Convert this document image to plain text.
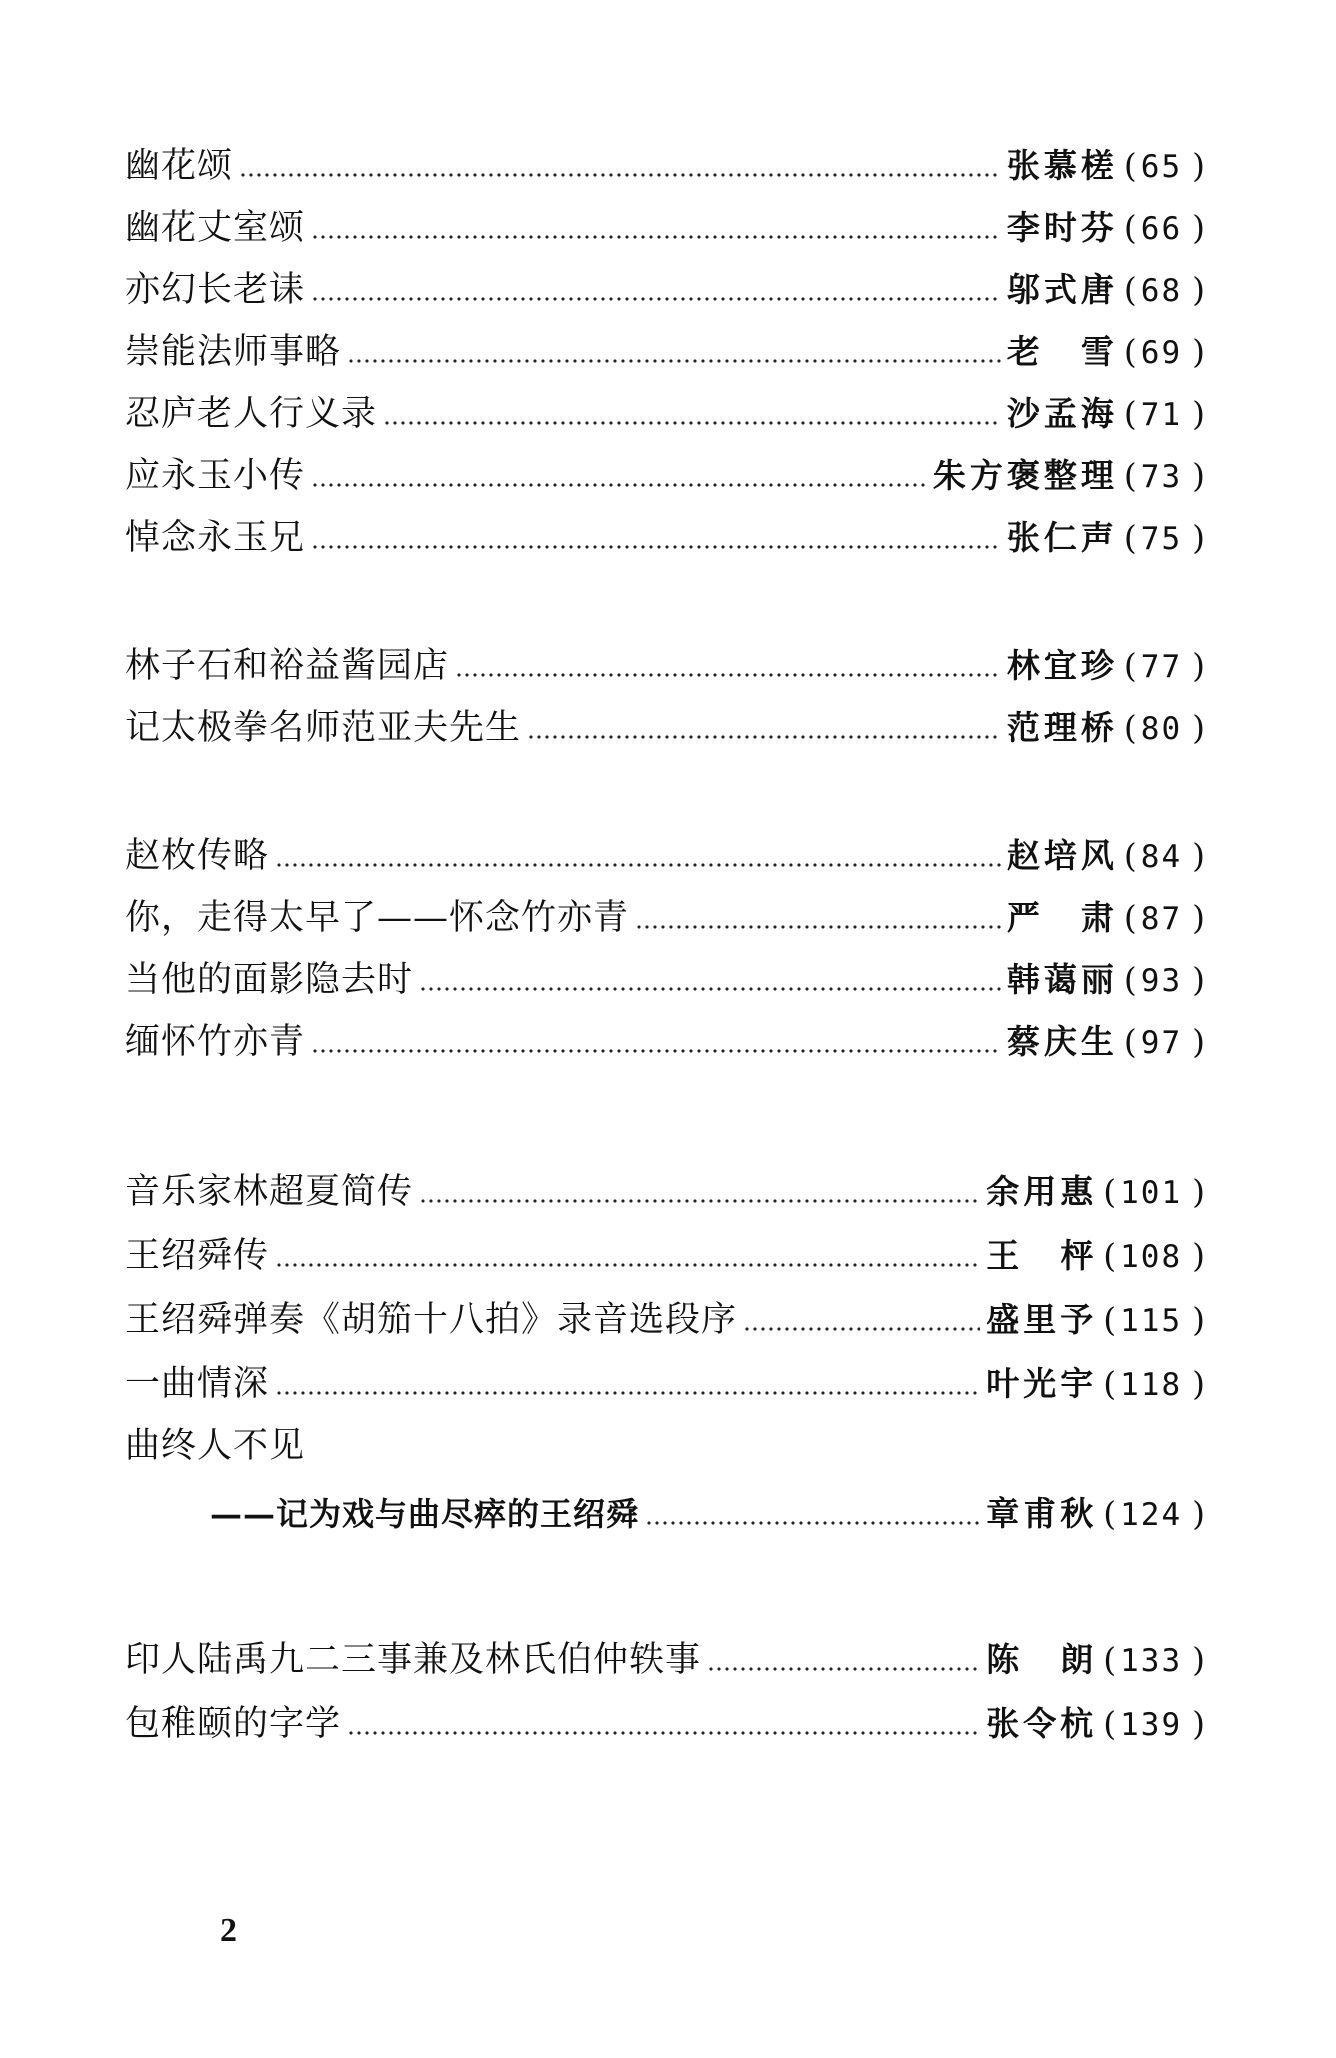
幽花颂	张慕槎 ( 65 )
幽花丈室颂	李时芬 ( 66 )
亦幻长老诔	邬式唐 ( 68 )
崇能法师事略	老　雪 ( 69 )
忍庐老人行义录	沙孟海 ( 71 )
应永玉小传	朱方褒整理 ( 73 )
悼念永玉兄	张仁声 ( 75 )
林子石和裕益酱园店	林宜珍 ( 77 )
记太极拳名师范亚夫先生	范理桥 ( 80 )
赵枚传略	赵培风 ( 84 )
你，走得太早了——怀念竹亦青	严　肃 ( 87 )
当他的面影隐去时	韩蔼丽 ( 93 )
缅怀竹亦青	蔡庆生 ( 97 )
音乐家林超夏简传	余用惠 ( 101 )
王绍舜传	王　枰 ( 108 )
王绍舜弹奏《胡笳十八拍》录音选段序	盛里予 ( 115 )
一曲情深	叶光宇 ( 118 )
曲终人不见
——记为戏与曲尽瘁的王绍舜	章甫秋 ( 124 )
印人陆禹九二三事兼及林氏伯仲轶事	陈　朗 ( 133 )
包稚颐的字学	张令杭 ( 139 )
2
